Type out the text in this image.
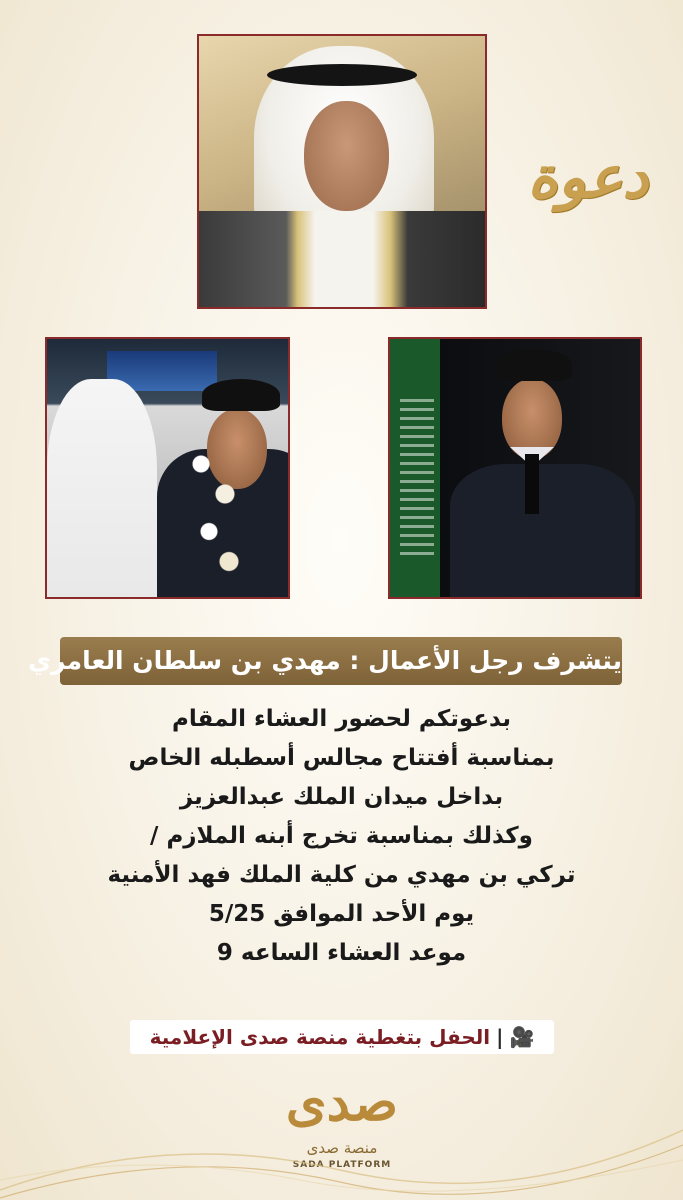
دعوة
يتشرف رجل الأعمال : مهدي بن سلطان العامري
بدعوتكم لحضور العشاء المقام
بمناسبة أفتتاح مجالس أسطبله الخاص
بداخل ميدان الملك عبدالعزيز
وكذلك بمناسبة تخرج أبنه الملازم /
تركي بن مهدي من كلية الملك فهد الأمنية
يوم الأحد الموافق 5/25
موعد العشاء الساعه 9
🎥|الحفل بتغطية منصة صدى الإعلامية
صدى
منصة صدى
SADA PLATFORM
